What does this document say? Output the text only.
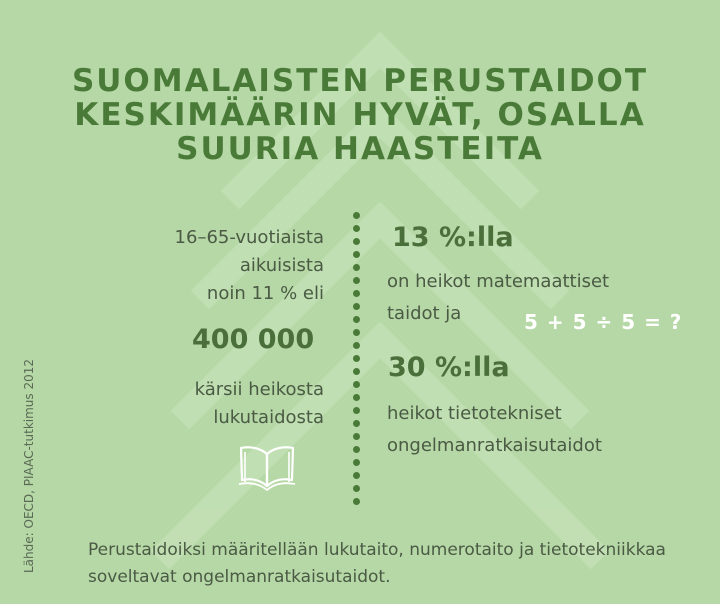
SUOMALAISTEN PERUSTAIDOT
KESKIMÄÄRIN HYVÄT, OSALLA
SUURIA HAASTEITA
16–65-vuotiaista
aikuisista
noin 11 % eli
400 000
kärsii heikosta
lukutaidosta
13 %:lla
on heikot matemaattiset
taidot ja	5 + 5 ÷ 5 = ?
30 %:lla
heikot tietotekniset
ongelmanratkaisutaidot
Lähde: OECD, PIAAC-tutkimus 2012	Perustaidoiksi määritellään lukutaito, numerotaito ja tietotekniikkaa
soveltavat ongelmanratkaisutaidot.
